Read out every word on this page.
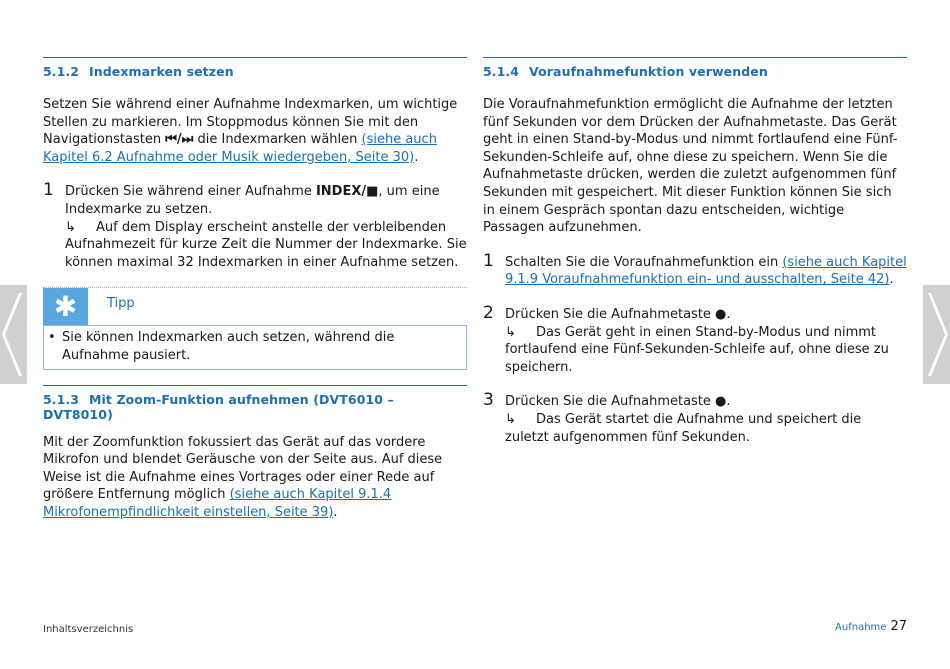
5.1.2 Indexmarken setzen
Setzen Sie während einer Aufnahme Indexmarken, um wichtige Stellen zu markieren. Im Stoppmodus können Sie mit den Navigationstasten ⏮/⏭ die Indexmarken wählen (siehe auch Kapitel 6.2 Aufnahme oder Musik wiedergeben, Seite 30).
1 Drücken Sie während einer Aufnahme INDEX/■, um eine Indexmarke zu setzen.
↳ Auf dem Display erscheint anstelle der verbleibenden Aufnahmezeit für kurze Zeit die Nummer der Indexmarke. Sie können maximal 32 Indexmarken in einer Aufnahme setzen.
✱	Tipp
• Sie können Indexmarken auch setzen, während die Aufnahme pausiert.
5.1.3 Mit Zoom-Funktion aufnehmen (DVT6010 – DVT8010)
Mit der Zoomfunktion fokussiert das Gerät auf das vordere Mikrofon und blendet Geräusche von der Seite aus. Auf diese Weise ist die Aufnahme eines Vortrages oder einer Rede auf größere Entfernung möglich (siehe auch Kapitel 9.1.4 Mikrofonempfindlichkeit einstellen, Seite 39).
5.1.4 Voraufnahmefunktion verwenden
Die Voraufnahmefunktion ermöglicht die Aufnahme der letzten fünf Sekunden vor dem Drücken der Aufnahmetaste. Das Gerät geht in einen Stand-by-Modus und nimmt fortlaufend eine Fünf-Sekunden-Schleife auf, ohne diese zu speichern. Wenn Sie die Aufnahmetaste drücken, werden die zuletzt aufgenommen fünf Sekunden mit gespeichert. Mit dieser Funktion können Sie sich in einem Gespräch spontan dazu entscheiden, wichtige Passagen aufzunehmen.
1 Schalten Sie die Voraufnahmefunktion ein (siehe auch Kapitel 9.1.9 Voraufnahmefunktion ein- und ausschalten, Seite 42).
2 Drücken Sie die Aufnahmetaste ●.
↳ Das Gerät geht in einen Stand-by-Modus und nimmt fortlaufend eine Fünf-Sekunden-Schleife auf, ohne diese zu speichern.
3 Drücken Sie die Aufnahmetaste ●.
↳ Das Gerät startet die Aufnahme und speichert die zuletzt aufgenommen fünf Sekunden.
Inhaltsverzeichnis	Aufnahme 27
